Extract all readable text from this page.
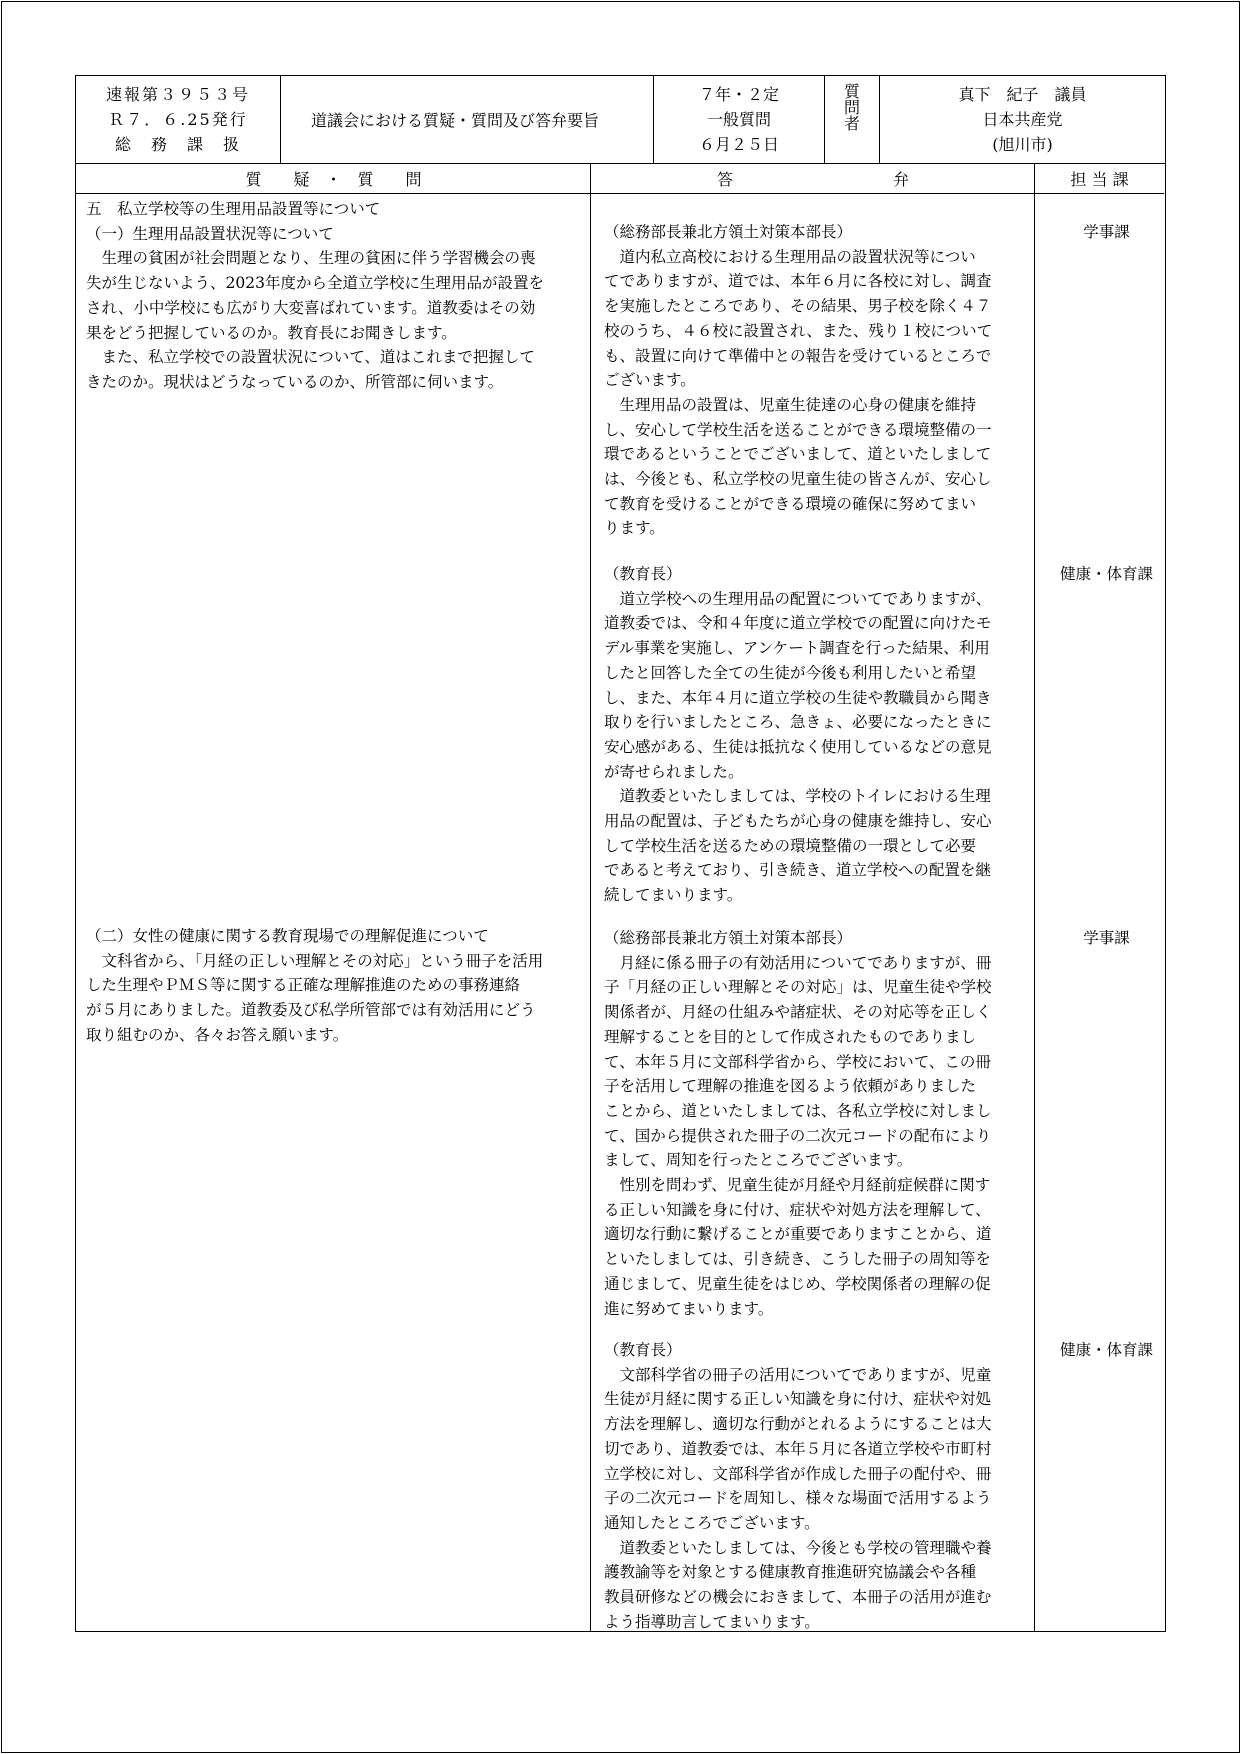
速報第３９５３号
Ｒ７．６.25発行
総　務　課　扱
道議会における質疑・質問及び答弁要旨
７年・２定
一般質問
６月２５日
質
問
者
真下　紀子　議員
日本共産党
(旭川市)
質　　疑　・　質　　問	答　　　　　　　　　　弁	担 当 課
五　私立学校等の生理用品設置等について
（一）生理用品設置状況等について
　生理の貧困が社会問題となり、生理の貧困に伴う学習機会の喪
失が生じないよう、2023年度から全道立学校に生理用品が設置を
され、小中学校にも広がり大変喜ばれています。道教委はその効
果をどう把握しているのか。教育長にお聞きします。
　また、私立学校での設置状況について、道はこれまで把握して
きたのか。現状はどうなっているのか、所管部に伺います。
（二）女性の健康に関する教育現場での理解促進について
　文科省から、「月経の正しい理解とその対応」という冊子を活用
した生理やＰＭＳ等に関する正確な理解推進のための事務連絡
が５月にありました。道教委及び私学所管部では有効活用にどう
取り組むのか、各々お答え願います。
（総務部長兼北方領土対策本部長）
　道内私立高校における生理用品の設置状況等につい
てでありますが、道では、本年６月に各校に対し、調査
を実施したところであり、その結果、男子校を除く４７
校のうち、４６校に設置され、また、残り１校について
も、設置に向けて準備中との報告を受けているところで
ございます。
　生理用品の設置は、児童生徒達の心身の健康を維持
し、安心して学校生活を送ることができる環境整備の一
環であるということでございまして、道といたしまして
は、今後とも、私立学校の児童生徒の皆さんが、安心し
て教育を受けることができる環境の確保に努めてまい
ります。
学事課
（教育長）
　道立学校への生理用品の配置についてでありますが、
道教委では、令和４年度に道立学校での配置に向けたモ
デル事業を実施し、アンケート調査を行った結果、利用
したと回答した全ての生徒が今後も利用したいと希望
し、また、本年４月に道立学校の生徒や教職員から聞き
取りを行いましたところ、急きょ、必要になったときに
安心感がある、生徒は抵抗なく使用しているなどの意見
が寄せられました。
　道教委といたしましては、学校のトイレにおける生理
用品の配置は、子どもたちが心身の健康を維持し、安心
して学校生活を送るための環境整備の一環として必要
であると考えており、引き続き、道立学校への配置を継
続してまいります。
健康・体育課
（総務部長兼北方領土対策本部長）
　月経に係る冊子の有効活用についてでありますが、冊
子「月経の正しい理解とその対応」は、児童生徒や学校
関係者が、月経の仕組みや諸症状、その対応等を正しく
理解することを目的として作成されたものでありまし
て、本年５月に文部科学省から、学校において、この冊
子を活用して理解の推進を図るよう依頼がありました
ことから、道といたしましては、各私立学校に対しまし
て、国から提供された冊子の二次元コードの配布により
まして、周知を行ったところでございます。
　性別を問わず、児童生徒が月経や月経前症候群に関す
る正しい知識を身に付け、症状や対処方法を理解して、
適切な行動に繋げることが重要でありますことから、道
といたしましては、引き続き、こうした冊子の周知等を
通じまして、児童生徒をはじめ、学校関係者の理解の促
進に努めてまいります。
学事課
（教育長）
　文部科学省の冊子の活用についてでありますが、児童
生徒が月経に関する正しい知識を身に付け、症状や対処
方法を理解し、適切な行動がとれるようにすることは大
切であり、道教委では、本年５月に各道立学校や市町村
立学校に対し、文部科学省が作成した冊子の配付や、冊
子の二次元コードを周知し、様々な場面で活用するよう
通知したところでございます。
　道教委といたしましては、今後とも学校の管理職や養
護教諭等を対象とする健康教育推進研究協議会や各種
教員研修などの機会におきまして、本冊子の活用が進む
よう指導助言してまいります。
健康・体育課
